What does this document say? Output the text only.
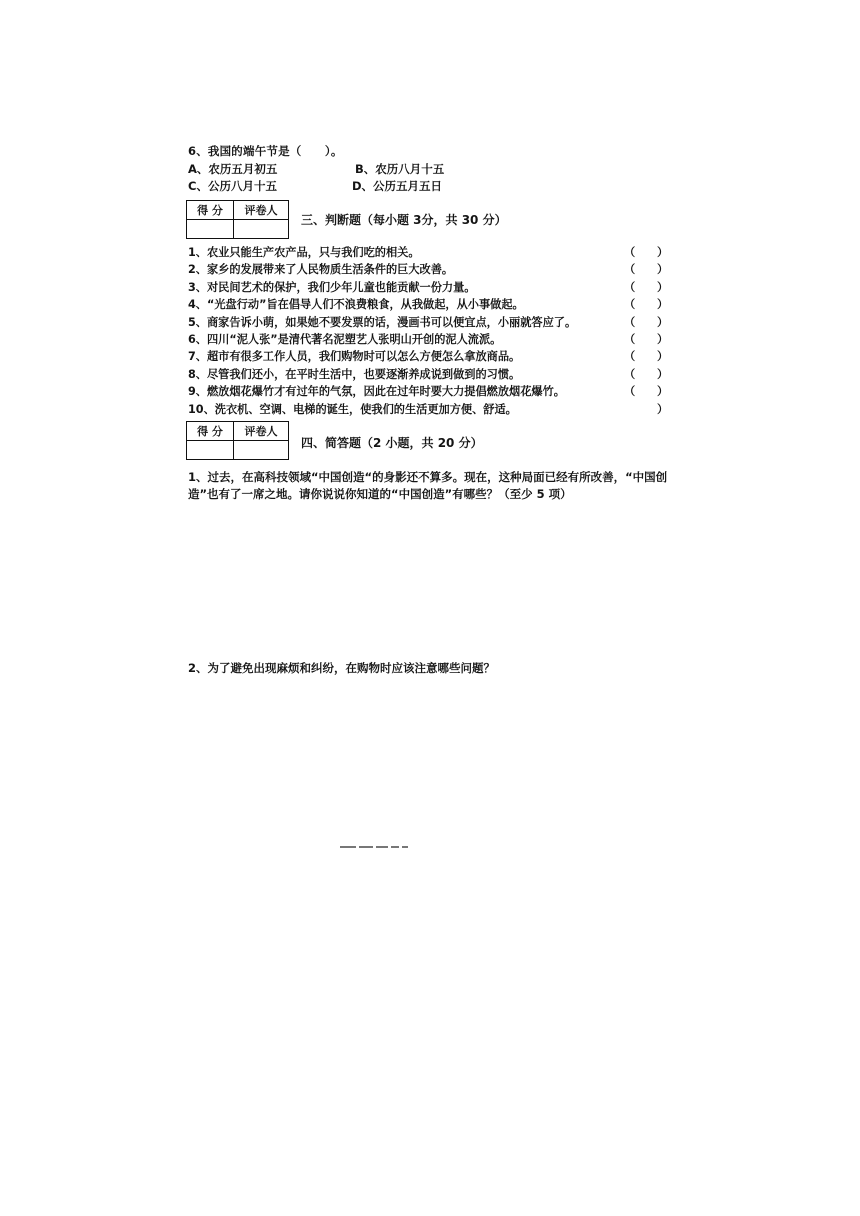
6、我国的端午节是（　　）。
A、农历五月初五	B、农历八月十五
C、公历八月十五	D、公历五月五日
得 分	评卷人

三、判断题（每小题 3分，共 30 分）
1、农业只能生产农产品，只与我们吃的相关。	（ ）
2、家乡的发展带来了人民物质生活条件的巨大改善。	（ ）
3、对民间艺术的保护，我们少年儿童也能贡献一份力量。	（ ）
4、“光盘行动”旨在倡导人们不浪费粮食，从我做起，从小事做起。	（ ）
5、商家告诉小萌，如果她不要发票的话，漫画书可以便宜点，小丽就答应了。	（ ）
6、四川“泥人张”是清代著名泥塑艺人张明山开创的泥人流派。	（ ）
7、超市有很多工作人员，我们购物时可以怎么方便怎么拿放商品。	（ ）
8、尽管我们还小，在平时生活中，也要逐渐养成说到做到的习惯。	（ ）
9、燃放烟花爆竹才有过年的气氛，因此在过年时要大力提倡燃放烟花爆竹。	（ ）
10、洗衣机、空调、电梯的诞生，使我们的生活更加方便、舒适。	）
得 分	评卷人

四、简答题（2 小题，共 20 分）
1、过去，在高科技领域“中国创造“的身影还不算多。现在，这种局面已经有所改善，“中国创造”也有了一席之地。请你说说你知道的“中国创造”有哪些？（至少 5 项）
2、为了避免出现麻烦和纠纷，在购物时应该注意哪些问题？
